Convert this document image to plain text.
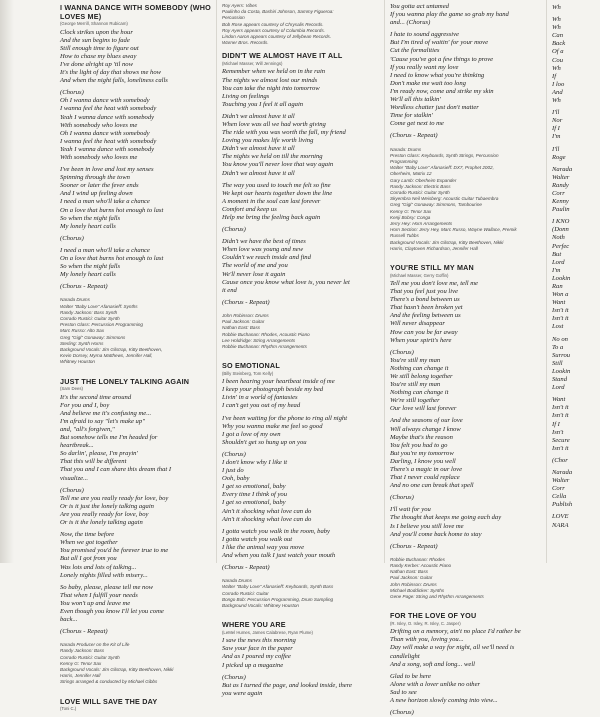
I WANNA DANCE WITH SOMEBODY (WHO LOVES ME)

(George Merrill, Shannon Rubicam)

Clock strikes upon the hour

And the sun begins to fade

Still enough time to figure out

How to chase my blues away

I've done alright up 'til now

It's the light of day that shows me how

And when the night falls, loneliness calls

(Chorus)

Oh I wanna dance with somebody

I wanna feel the heat with somebody

Yeah I wanna dance with somebody

With somebody who loves me

Oh I wanna dance with somebody

I wanna feel the heat with somebody

Yeah I wanna dance with somebody

With somebody who loves me

I've been in love and lost my senses

Spinning through the town

Sooner or later the fever ends

And I wind up feeling down

I need a man who'll take a chance

On a love that burns hot enough to last

So when the night falls

My lonely heart calls

(Chorus)

I need a man who'll take a chance

On a love that burns hot enough to last

So when the night falls

My lonely heart calls

(Chorus - Repeat)

Narada Drums

Walter "Baby Love" Afanasieff: Synths

Randy Jackson: Bass Synth

Corrado Rustici: Guitar Synth

Preston Glass: Percussion Programming

Marc Russo: Alto Sax

Greg "Gigi" Gonaway: Simmons

Sterling: Synth Horns

Background Vocals: Jim Gilstrap, Kitty Beethoven,

Kevin Dorsey, Myrna Matthews, Jennifer Hall,

Whitney Houston

JUST THE LONELY TALKING AGAIN

(Sam Dees)

It's the second time around

For you and I, boy

And believe me it's confusing me...

I'm afraid to say "let's make up"

and, "all's forgiven,"

But somehow tells me I'm headed for

heartbreak...

So darlin', please, I'm prayin'

That this will be different

That you and I can share this dream that I

visualize...

(Chorus)

Tell me are you really ready for love, boy

Or is it just the lonely talking again

Are you really ready for love, boy

Or is it the lonely talking again

Now, the time before

When we got together

You promised you'd be forever true to me

But all I got from you

Was lots and lots of talking...

Lonely nights filled with misery...

So baby, please, please tell me now

That when I fulfill your needs

You won't up and leave me

Even though you know I'll let you come

back...

(Chorus - Repeat)

Narada Producer on the Kit of Life

Randy Jackson: Bass

Corrado Rustici: Guitar Synth

Kenny G: Tenor Sax

Background Vocals: Jim Gilstrap, Kitty Beethoven, Nikki

Harris, Jennifer Hall

Strings arranged & conducted by Michael Gibbs

LOVE WILL SAVE THE DAY

(Toni C.)

Roy Ayers: Vibes

Paulinho da Costa, Bashiri Johnson, Sammy Figueroa:

Percussion

Bob Rose appears courtesy of Chrysalis Records.

Roy Ayers appears courtesy of Columbia Records.

Lindon Aaron appears courtesy of Jellybean Records.

Warner Bros. Records.

DIDN'T WE ALMOST HAVE IT ALL

(Michael Masser, Will Jennings)

Remember when we held on in the rain

The nights we almost lost our minds

You can take the night into tomorrow

Living on feelings

Touching you I feel it all again

Didn't we almost have it all

When love was all we had worth giving

The ride with you was worth the fall, my friend

Loving you makes life worth living

Didn't we almost have it all

The nights we held on till the morning

You know you'll never love that way again

Didn't we almost have it all

The way you used to touch me felt so fine

We kept our hearts together down the line

A moment in the soul can last forever

Comfort and keep us

Help me bring the feeling back again

(Chorus)

Didn't we have the best of times

When love was young and new

Couldn't we reach inside and find

The world of me and you

We'll never lose it again

Cause once you know what love is, you never let

it end

(Chorus - Repeat)

John Robinson: Drums

Paul Jackson: Guitar

Nathan East: Bass

Robbie Buchanan: Rhodes, Acoustic Piano

Lee Holdridge: String Arrangements

Robbie Buchanan: Rhythm Arrangements

SO EMOTIONAL

(Billy Steinberg, Tom Kelly)

I been hearing your heartbeat inside of me

I keep your photograph beside my bed

Livin' in a world of fantasies

I can't get you out of my head

I've been waiting for the phone to ring all night

Why you wanna make me feel so good

I got a love of my own

Shouldn't get so hung up on you

(Chorus)

I don't know why I like it

I just do

Ooh, baby

I get so emotional, baby

Every time I think of you

I get so emotional, baby

Ain't it shocking what love can do

Ain't it shocking what love can do

I gotta watch you walk in the room, baby

I gotta watch you walk out

I like the animal way you move

And when you talk I just watch your mouth

(Chorus - Repeat)

Narada Drums

Walter "Baby Love" Afanasieff: Keyboards, Synth Bass

Corrado Rustici: Guitar

Bongo Bob: Percussion Programming, Drum Sampling

Background Vocals: Whitney Houston

WHERE YOU ARE

(LeMel Humes, James Calabrese, Ryan Plume)

I saw the news this morning

Saw your face in the paper

And as I poured my coffee

I picked up a magazine

(Chorus)

But as I turned the page, and looked inside, there

you were again

You gotta act untamed

If you wanna play the game so grab my hand

and... (Chorus)

I hate to sound aggressive

But I'm tired of waitin' for your move

Cut the formalities

'Cause you've got a few things to prove

If you really want my love

I need to know what you're thinking

Don't make me wait too long

I'm ready now, come and strike my skin

We'll all this talkin'

Wordless chatter just don't matter

Time for stalkin'

Come get next to me

(Chorus - Repeat)

Narada: Drums

Preston Glass: Keyboards, Synth Strings, Percussion

Programming

Walter "Baby Love" Afanasieff: DX7, Prophet 2002,

Oberheim, Matrix 12

Gary Lamb: Oberheim Expander

Randy Jackson: Electric Bass

Corrado Rustici: Guitar Synth

Skyembra Neil Weisberg: Acoustic Guitar Tubaembra

Greg "Gigi" Gonaway: Simmons, Tambourine

Kenny G: Tenor Sax

Kenji Bobsy: Conga

Jerry Hey: Horn Arrangements

Horn Section: Jerry Hey, Marc Russo, Wayne Wallace, Premik

Russell Tubbs

Background Vocals: Jim Gilstrap, Kitty Beethoven, Nikki

Harris, Claytoven Richardson, Jennifer Hall

YOU'RE STILL MY MAN

(Michael Masser, Gerry Goffin)

Tell me you don't love me, tell me

That you feel just you live

There's a bond between us

That hasn't been broken yet

And the feeling between us

Will never disappear

How can you be far away

When your spirit's here

(Chorus)

You're still my man

Nothing can change it

We still belong together

You're still my man

Nothing can change it

We're still together

Our love will last forever

And the seasons of our love

Will always change I know

Maybe that's the reason

You felt you had to go

But you're my tomorrow

Darling, I know you well

There's a magic in our love

That I never could replace

And no one can break that spell

(Chorus)

I'll wait for you

The thought that keeps me going each day

Is I believe you still love me

And you'll come back home to stay

(Chorus - Repeat)

Robbie Buchanan: Rhodes

Randy Kerber: Acoustic Piano

Nathan East: Bass

Paul Jackson: Guitar

John Robinson: Drums

Michael Boddicker: Synths

Gene Page: String and Rhythm Arrangements

FOR THE LOVE OF YOU

(R. Isley, O. Isley, R. Isley, C. Jasper)

Drifting on a memory, ain't no place I'd rather be

Than with you, loving you...

Day will make a way for night, all we'll need is

candlelight

And a song, soft and long... well

Glad to be here

Alone with a lover unlike no other

Sad to see

A new horizon slowly coming into view...

(Chorus)

Wh

Wh

Wh

Can

Back

Of a

Cou

Wh

If

I loo

And

Wh

I'll

Nor

If I

I'm

I'll

Roge

Narada

Walter

Randy

Corr

Kenny

Paulin

I KNO

(Donn

Noth

Perfec

But

Lord

I'm

Lookin

Ran

Won a

Want

Isn't it

Isn't it

Lost

No on

To a

Surrou

Still

Lookin

Stand

Lord

Want

Isn't it

Isn't it

If I

Isn't

Secure

Isn't it

(Chor

Narada

Walter

Corr

Cella

Publish

LOVE

NARA
